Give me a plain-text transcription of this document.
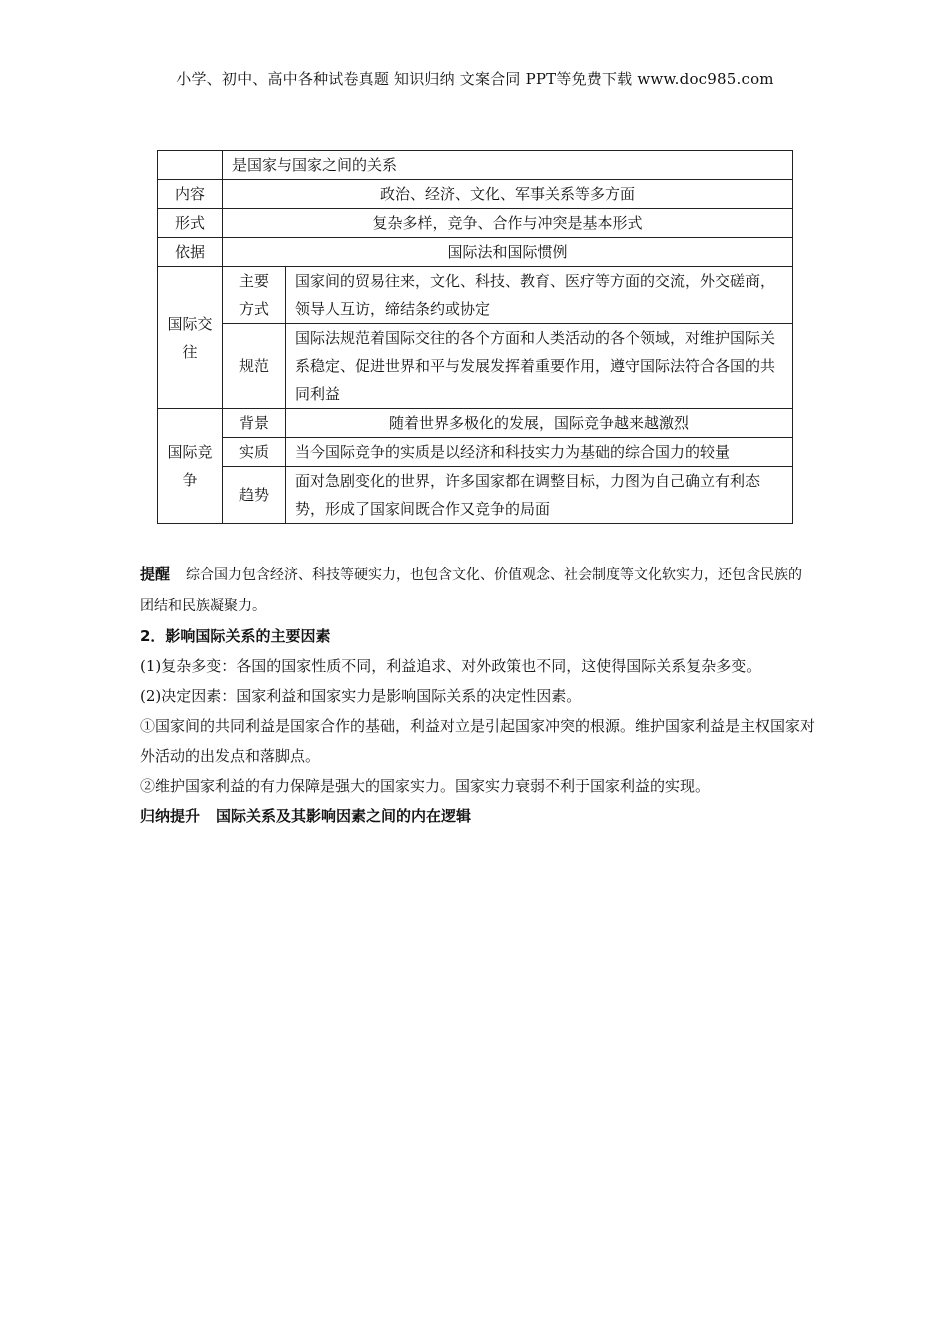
小学、初中、高中各种试卷真题 知识归纳 文案合同 PPT等免费下载 www.doc985.com
	是国家与国家之间的关系	
内容	政治、经济、文化、军事关系等多方面	
形式	复杂多样，竞争、合作与冲突是基本形式	
依据	国际法和国际惯例	
国际交往	主要方式	国家间的贸易往来，文化、科技、教育、医疗等方面的交流，外交磋商，领导人互访，缔结条约或协定
	规范	国际法规范着国际交往的各个方面和人类活动的各个领域，对维护国际关系稳定、促进世界和平与发展发挥着重要作用，遵守国际法符合各国的共同利益
国际竞争	背景	随着世界多极化的发展，国际竞争越来越激烈
	实质	当今国际竞争的实质是以经济和科技实力为基础的综合国力的较量
	趋势	面对急剧变化的世界，许多国家都在调整目标，力图为自己确立有利态势，形成了国家间既合作又竞争的局面

提醒 综合国力包含经济、科技等硬实力，也包含文化、价值观念、社会制度等文化软实力，还包含民族的团结和民族凝聚力。

2．影响国际关系的主要因素

(1)复杂多变：各国的国家性质不同，利益追求、对外政策也不同，这使得国际关系复杂多变。

(2)决定因素：国家利益和国家实力是影响国际关系的决定性因素。

①国家间的共同利益是国家合作的基础，利益对立是引起国家冲突的根源。维护国家利益是主权国家对外活动的出发点和落脚点。

②维护国家利益的有力保障是强大的国家实力。国家实力衰弱不利于国家利益的实现。

归纳提升 国际关系及其影响因素之间的内在逻辑
